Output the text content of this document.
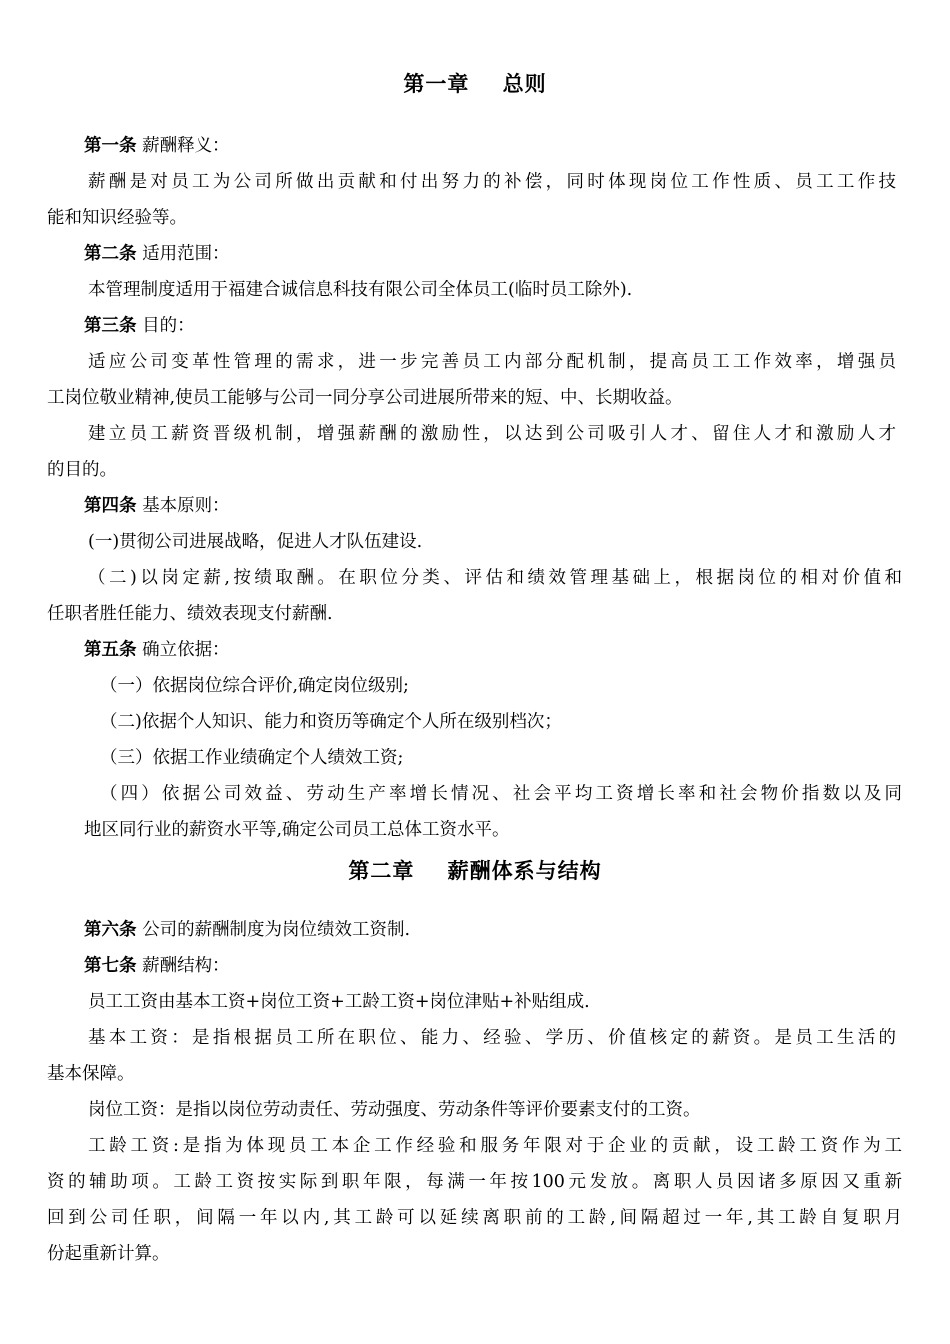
第一章    总则
第一条 薪酬释义：
薪酬是对员工为公司所做出贡献和付出努力的补偿，同时体现岗位工作性质、员工工作技
能和知识经验等。
第二条 适用范围：
本管理制度适用于福建合诚信息科技有限公司全体员工(临时员工除外).
第三条 目的：
适应公司变革性管理的需求，进一步完善员工内部分配机制，提高员工工作效率，增强员
工岗位敬业精神,使员工能够与公司一同分享公司进展所带来的短、中、长期收益。
建立员工薪资晋级机制，增强薪酬的激励性，以达到公司吸引人才、留住人才和激励人才
的目的。
第四条 基本原则：
(一)贯彻公司进展战略，促进人才队伍建设.
（二)以岗定薪,按绩取酬。在职位分类、评估和绩效管理基础上，根据岗位的相对价值和
任职者胜任能力、绩效表现支付薪酬.
第五条 确立依据：
（一）依据岗位综合评价,确定岗位级别;
（二)依据个人知识、能力和资历等确定个人所在级别档次；
（三）依据工作业绩确定个人绩效工资;
（四）依据公司效益、劳动生产率增长情况、社会平均工资增长率和社会物价指数以及同
地区同行业的薪资水平等,确定公司员工总体工资水平。
第二章    薪酬体系与结构
第六条 公司的薪酬制度为岗位绩效工资制.
第七条 薪酬结构：
员工工资由基本工资+岗位工资+工龄工资+岗位津贴+补贴组成.
基本工资：是指根据员工所在职位、能力、经验、学历、价值核定的薪资。是员工生活的
基本保障。
岗位工资：是指以岗位劳动责任、劳动强度、劳动条件等评价要素支付的工资。
工龄工资:是指为体现员工本企工作经验和服务年限对于企业的贡献，设工龄工资作为工
资的辅助项。工龄工资按实际到职年限，每满一年按100元发放。离职人员因诸多原因又重新
回到公司任职，间隔一年以内,其工龄可以延续离职前的工龄,间隔超过一年,其工龄自复职月
份起重新计算。
